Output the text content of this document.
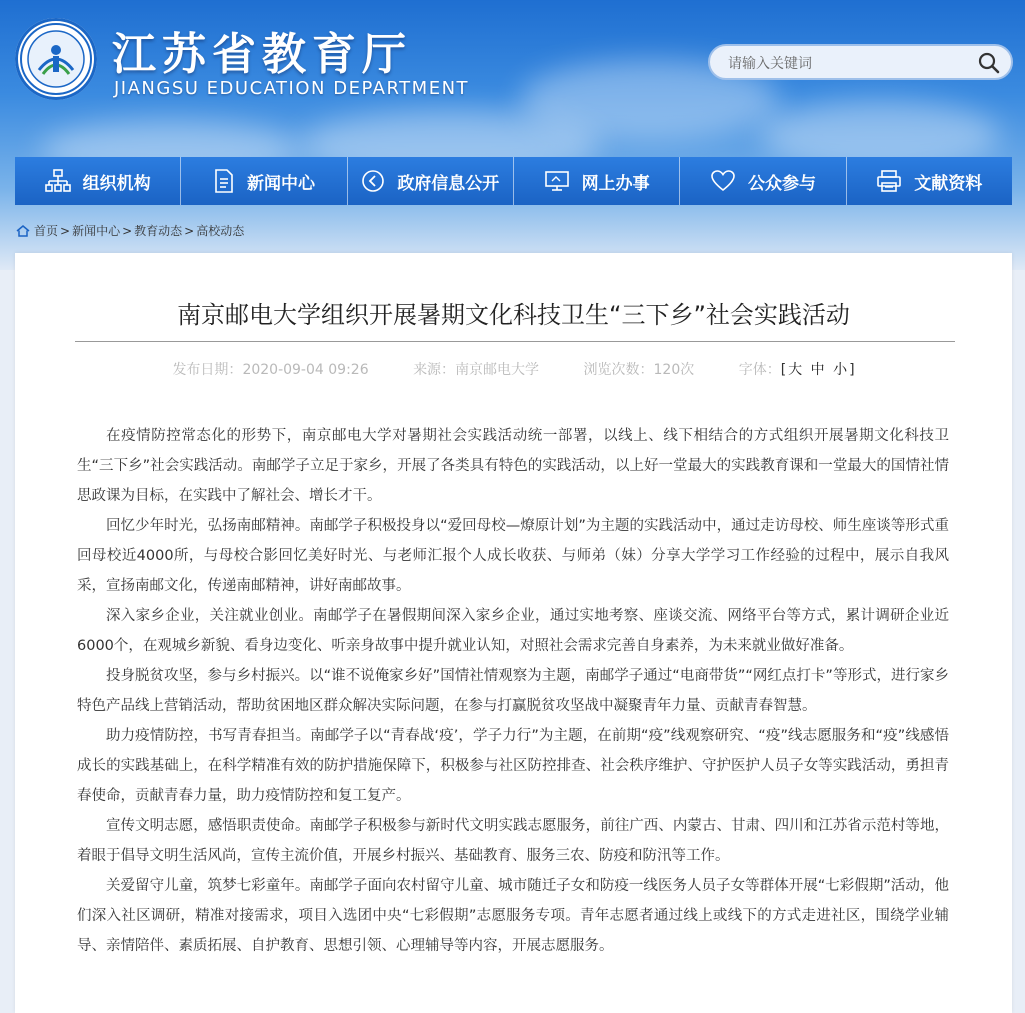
江苏省教育厅
JIANGSU EDUCATION DEPARTMENT
请输入关键词
组织机构	新闻中心	政府信息公开	网上办事	公众参与	文献资料
首页 > 新闻中心 > 教育动态 > 高校动态
南京邮电大学组织开展暑期文化科技卫生“三下乡”社会实践活动
发布日期：2020-09-04 09:26	来源：南京邮电大学	浏览次数：120次	字体：[ 大 中 小 ]

在疫情防控常态化的形势下，南京邮电大学对暑期社会实践活动统一部署，以线上、线下相结合的方式组织开展暑期文化科技卫生“三下乡”社会实践活动。南邮学子立足于家乡，开展了各类具有特色的实践活动，以上好一堂最大的实践教育课和一堂最大的国情社情思政课为目标，在实践中了解社会、增长才干。

回忆少年时光，弘扬南邮精神。南邮学子积极投身以“爱回母校—燎原计划”为主题的实践活动中，通过走访母校、师生座谈等形式重回母校近4000所，与母校合影回忆美好时光、与老师汇报个人成长收获、与师弟（妹）分享大学学习工作经验的过程中，展示自我风采，宣扬南邮文化，传递南邮精神，讲好南邮故事。

深入家乡企业，关注就业创业。南邮学子在暑假期间深入家乡企业，通过实地考察、座谈交流、网络平台等方式，累计调研企业近6000个，在观城乡新貌、看身边变化、听亲身故事中提升就业认知，对照社会需求完善自身素养，为未来就业做好准备。

投身脱贫攻坚，参与乡村振兴。以“谁不说俺家乡好”国情社情观察为主题，南邮学子通过“电商带货”“网红点打卡”等形式，进行家乡特色产品线上营销活动，帮助贫困地区群众解决实际问题，在参与打赢脱贫攻坚战中凝聚青年力量、贡献青春智慧。

助力疫情防控，书写青春担当。南邮学子以“青春战‘疫’，学子力行”为主题，在前期“疫”线观察研究、“疫”线志愿服务和“疫”线感悟成长的实践基础上，在科学精准有效的防护措施保障下，积极参与社区防控排查、社会秩序维护、守护医护人员子女等实践活动，勇担青春使命，贡献青春力量，助力疫情防控和复工复产。

宣传文明志愿，感悟职责使命。南邮学子积极参与新时代文明实践志愿服务，前往广西、内蒙古、甘肃、四川和江苏省示范村等地，着眼于倡导文明生活风尚，宣传主流价值，开展乡村振兴、基础教育、服务三农、防疫和防汛等工作。

关爱留守儿童，筑梦七彩童年。南邮学子面向农村留守儿童、城市随迁子女和防疫一线医务人员子女等群体开展“七彩假期”活动，他们深入社区调研，精准对接需求，项目入选团中央“七彩假期”志愿服务专项。青年志愿者通过线上或线下的方式走进社区，围绕学业辅导、亲情陪伴、素质拓展、自护教育、思想引领、心理辅导等内容，开展志愿服务。
